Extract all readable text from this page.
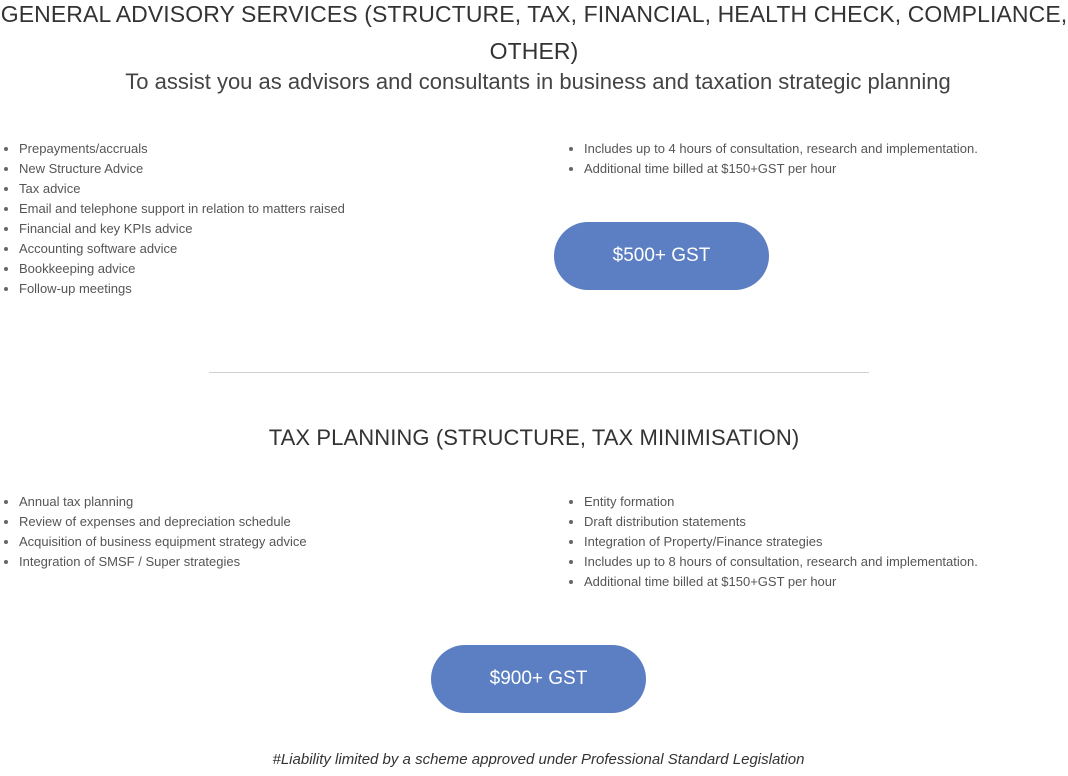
GENERAL ADVISORY SERVICES (STRUCTURE, TAX, FINANCIAL, HEALTH CHECK, COMPLIANCE, OTHER)
To assist you as advisors and consultants in business and taxation strategic planning
• Prepayments/accruals
• New Structure Advice
• Tax advice
• Email and telephone support in relation to matters raised
• Financial and key KPIs advice
• Accounting software advice
• Bookkeeping advice
• Follow-up meetings
• Includes up to 4 hours of consultation, research and implementation.
• Additional time billed at $150+GST per hour
$500+ GST
TAX PLANNING (STRUCTURE, TAX MINIMISATION)
• Annual tax planning
• Review of expenses and depreciation schedule
• Acquisition of business equipment strategy advice
• Integration of SMSF / Super strategies
• Entity formation
• Draft distribution statements
• Integration of Property/Finance strategies
• Includes up to 8 hours of consultation, research and implementation.
• Additional time billed at $150+GST per hour
$900+ GST
#Liability limited by a scheme approved under Professional Standard Legislation
